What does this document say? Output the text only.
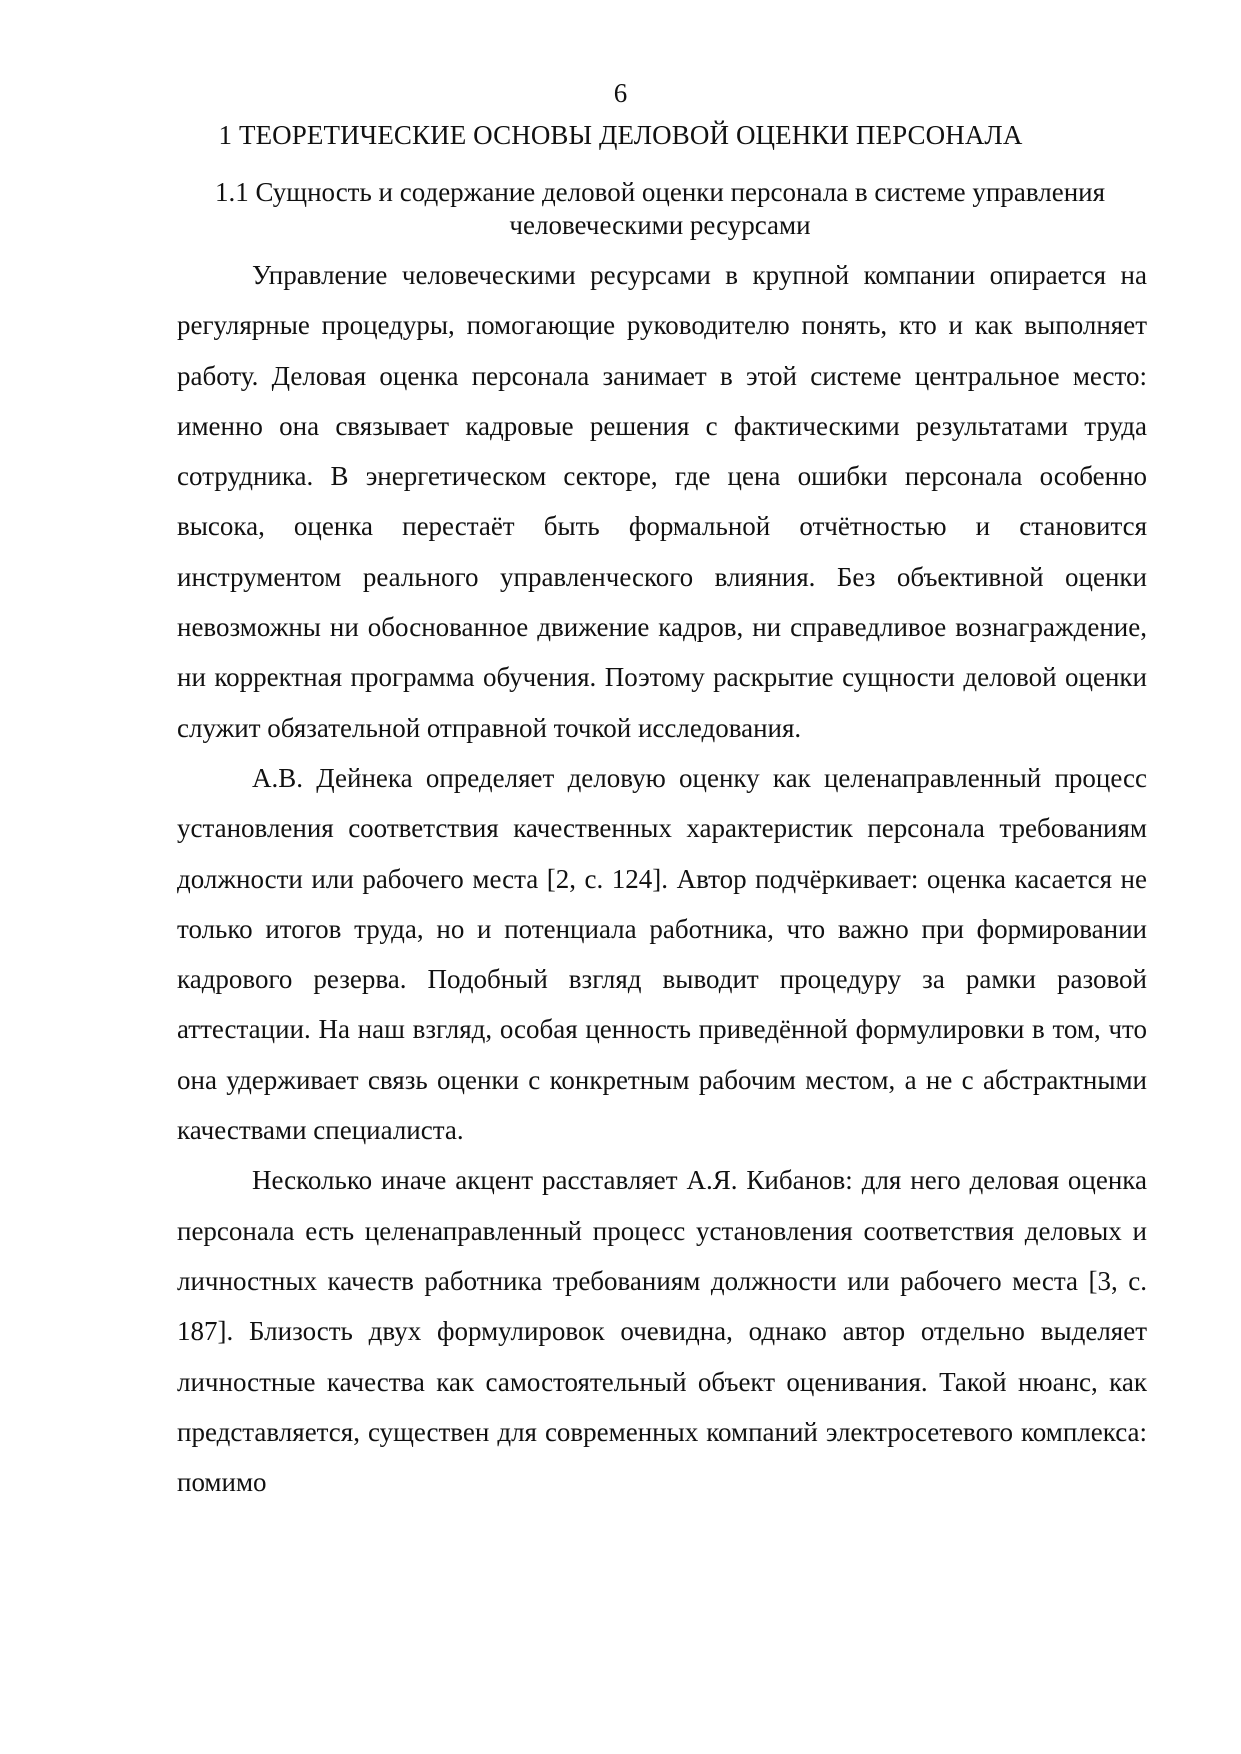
6
1 ТЕОРЕТИЧЕСКИЕ ОСНОВЫ ДЕЛОВОЙ ОЦЕНКИ ПЕРСОНАЛА
1.1 Сущность и содержание деловой оценки персонала в системе управления человеческими ресурсами

Управление человеческими ресурсами в крупной компании опирается на регулярные процедуры, помогающие руководителю понять, кто и как выполняет работу. Деловая оценка персонала занимает в этой системе центральное место: именно она связывает кадровые решения с фактическими результатами труда сотрудника. В энергетическом секторе, где цена ошибки персонала особенно высока, оценка перестаёт быть формальной отчётностью и становится инструментом реального управленческого влияния. Без объективной оценки невозможны ни обоснованное движение кадров, ни справедливое вознаграждение, ни корректная программа обучения. Поэтому раскрытие сущности деловой оценки служит обязательной отправной точкой исследования.

А.В. Дейнека определяет деловую оценку как целенаправленный процесс установления соответствия качественных характеристик персонала требованиям должности или рабочего места [2, с. 124]. Автор подчёркивает: оценка касается не только итогов труда, но и потенциала работника, что важно при формировании кадрового резерва. Подобный взгляд выводит процедуру за рамки разовой аттестации. На наш взгляд, особая ценность приведённой формулировки в том, что она удерживает связь оценки с конкретным рабочим местом, а не с абстрактными качествами специалиста.

Несколько иначе акцент расставляет А.Я. Кибанов: для него деловая оценка персонала есть целенаправленный процесс установления соответствия деловых и личностных качеств работника требованиям должности или рабочего места [3, с. 187]. Близость двух формулировок очевидна, однако автор отдельно выделяет личностные качества как самостоятельный объект оценивания. Такой нюанс, как представляется, существен для современных компаний электросетевого комплекса: помимо
